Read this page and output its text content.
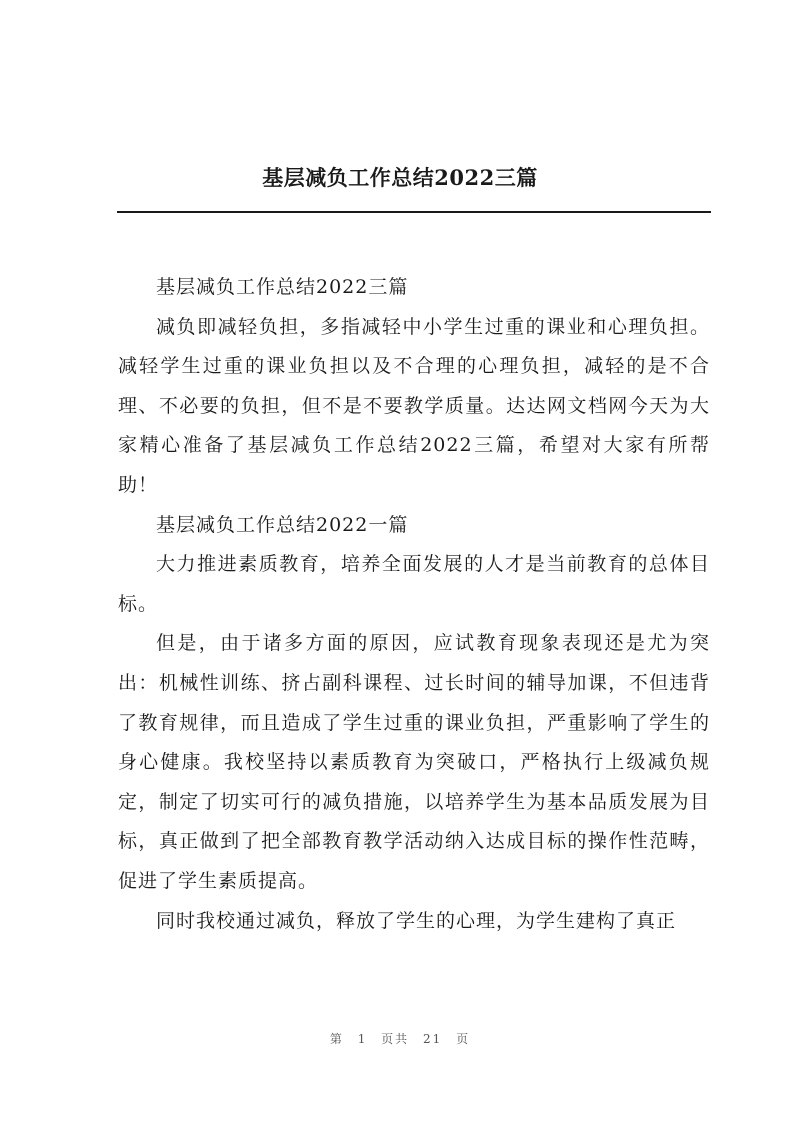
基层减负工作总结2022三篇

基层减负工作总结2022三篇

减负即减轻负担，多指减轻中小学生过重的课业和心理负担。减轻学生过重的课业负担以及不合理的心理负担，减轻的是不合理、不必要的负担，但不是不要教学质量。达达网文档网今天为大家精心准备了基层减负工作总结2022三篇，希望对大家有所帮助！

基层减负工作总结2022一篇

大力推进素质教育，培养全面发展的人才是当前教育的总体目标。

但是，由于诸多方面的原因，应试教育现象表现还是尤为突出：机械性训练、挤占副科课程、过长时间的辅导加课，不但违背了教育规律，而且造成了学生过重的课业负担，严重影响了学生的身心健康。我校坚持以素质教育为突破口，严格执行上级减负规定，制定了切实可行的减负措施，以培养学生为基本品质发展为目标，真正做到了把全部教育教学活动纳入达成目标的操作性范畴，促进了学生素质提高。

同时我校通过减负，释放了学生的心理，为学生建构了真正

第 1 页共 21 页
